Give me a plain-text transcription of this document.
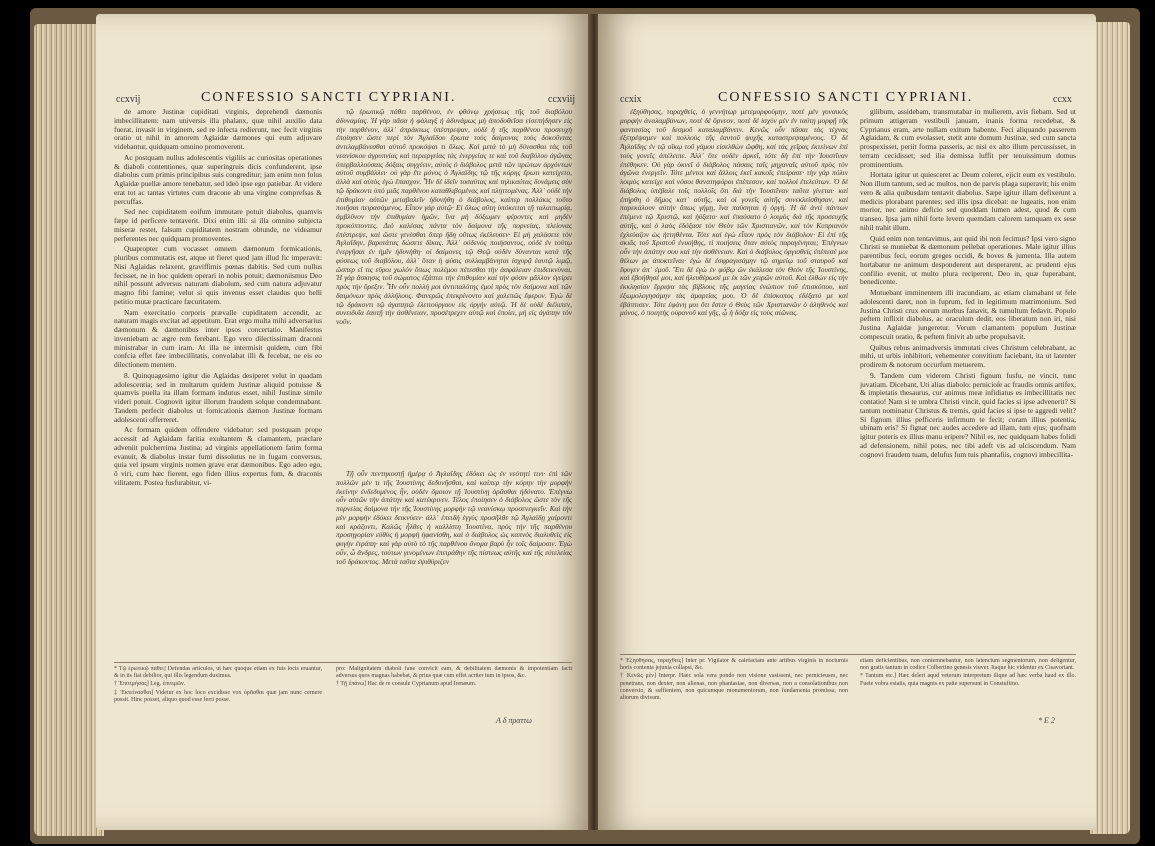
ccxvij	CONFESSIO SANCTI CYPRIANI.	ccxviij

de amore Justinæ cupiditati virginis, deprehendi dæmonis imbecillitatem: nam universis illa phalanx, quæ nihil auxilio data fuerat, invasit in virginem, sed re infecta redierunt, nec fecit virginis oratio ut nihil in amorem Aglaidæ dæmones qui eum adjuvare videbantur, quidquam omnino promoverent.

Ac postquam nullus adolescentis vigiliis ac curiositas operationes & diaboli contentiones, quæ superingruis dicis confunderent, ipse diabolus cum primis principibus suis congreditur; jam enim non folus Aglaidæ puellæ amore tenebatur, sed ideò ipse ego patiebar. At videre erat tot ac tantas virtutes cum dracone ab una virgine comprefsas & percuffas.

Sed nec cupiditatem eoifum immutare potuit diabolus, quamvis fæpe id perficere tentaverit. Dixi enim illi: si illa omnino subjecta miseræ restet, falsum cupiditatem nostram obtunde, ne videamur perferentes nec quidquam promoventes.

Quapropter cum vocasset omnem dæmonum formicationis, pluribus commutatis est, atque ut fieret quod jam illud fic imperavit: Nisi Aglaidas relaxent, graviffimis pœnas dabitis. Sed cum nullus fecisset, ne in hoc quidem operari in nobis potuit; dæmoniismus Deo nihil possunt adversus naturam diabolum, sed cum natura adjuvatur magno fibi famine; velut si quis invenus esset claudus quo belli petitio mutæ practicare fæcuritatem.

Nam exercitatio corporis prævalle cupiditatem accendit, ac naturam magis excitat ad appetitum. Erat ergo multa mihi adversarius dæmonum & dæmonibus inter ipsos concertatio. Manifestus inveniebam ac ægre rem ferebant. Ego vero dilectissimam draconi ministrabar in cum iram. At illa ne intermisit quidem, cum fibi confcia effet fæe imbecillitatis, convolabat illi & fecebat, ne eis eo dilectionem mentem.

8. Quinquagesimo igitur die Aglaidas desiperet velut in quadam adolescentia; sed in multarum quidem Justinæ aliquid potuisse & quamvis puella ita illam formam indutus esset, nihil Justinæ simile videri potuit. Cognovit igitur illorum fraudem solque condemnabant. Tandem perfecit diabolus ut fornicationis dæmon Justinæ formam adolescenti offerreret.

Ac formam quidem offendere videbatur: sed postquam prope accessit ad Aglaidam faritia exultantem & clamantem, præclare adveniit pulcherrima Justina; ad virginis appellationem fatim forma evanuit, & diabolus instar fumi dissolutus ne in fugam conversus, quia vel ipsum virginis nomen grave erat dæmonibus. Ego adeo ego, ô viri, cum hæc fierent, ego fiden illius expertus fum, & draconis vilitatem. Postea fusfurabitur, vi-

τῷ ἐρωτικῷ πάθει παρθένου, ἐν φθόνῳ χρήσεως τῆς τοῦ διαβόλου ἀδυναμίας. Ἡ γὰρ πᾶσα ἡ φάλαγξ ἡ ἀδυνάμως μὴ ἀποδοθεῖσα εἰσεπήδησεν εἰς τὴν παρθένον, ἀλλ᾽ ἀπράκτως ὑπέστρεψαν, οὐδὲ ἡ τῆς παρθένου προσευχὴ ἐποίησεν ὥστε περί τὸν Ἀγλαΐδου ἔρωτα τοὺς δαίμονας τοὺς δοκοῦντας ἀντιλαμβάνεσθαι αὐτοῦ προκόψαι τι ὅλως. Καὶ μετὰ τὸ μὴ δύνασθαι τὰς τοῦ νεανίσκου ἀγρυπνίας καὶ περιεργείας τὰς ἐνεργείας τε καὶ τοῦ διαβόλου ἀγῶνας ὑπερβαλλούσαις δόξαις συγχέειν, αὐτὸς ὁ διάβολος μετὰ τῶν πρώτων ἀρχόντων αὐτοῦ συμβάλλει· οὐ γὰρ ἔτι μόνος ὁ Ἀγλαΐδης τῷ τῆς κόρης ἔρωτι κατείχετο, ἀλλὰ καὶ αὐτὸς ἐγὼ ἔπασχον. Ἦν δὲ ἰδεῖν τοσαύτας καὶ τηλικαύτας δυνάμεις σὺν τῷ δράκοντι ὑπὸ μιᾶς παρθένου καταθλιβομένας καὶ πληττομένας. Ἀλλ᾽ οὐδὲ τὴν ἐπιθυμίαν αὐτῶν μεταβαλεῖν ἠδυνήθη ὁ διάβολος, καίπερ πολλάκις τοῦτο ποιῆσαι πειρασάμενος. Εἶπον γὰρ αὐτῷ· Εἰ ὅλως αὕτη ὑπόκειται τῇ ταλαιπωρίᾳ, ἀμβλῦνον τὴν ἐπιθυμίαν ἡμῶν, ἵνα μὴ δόξωμεν φέροντες καὶ μηδὲν προκόπτοντες. Διὸ καλέσας πάντα τὸν δαίμονα τῆς πορνείας, πλείονας ἐπέστρεψε, καὶ ὥστε γενέσθαι ὅπερ ἤδη οὕτως ἐκέλευσεν· Εἰ μὴ χαλάσετε τὸν Ἀγλαΐδην, βαρυτάτας δώσετε δίκας. Ἀλλ᾽ οὐδενὸς ποιήσαντος, οὐδὲ ἐν τούτῳ ἐνεργῆσαι ἐν ἡμῖν ἠδυνήθη· οἱ δαίμονες τῷ Θεῷ οὐδὲν δύνανται κατὰ τῆς φύσεως τοῦ διαβόλου, ἀλλ᾽ ὅταν ἡ φύσις συλλαμβάνηται ἰσχυρᾷ ἑαυτῷ λιμῷ, ὥσπερ εἴ τις εὕροι χωλὸν ὅπως πολέμου πέτεσθαι τὴν ἀσφάλειαν ἐπιδεικνύναι. Ἡ γὰρ ἄσκησις τοῦ σώματος ἐξάπτει τὴν ἐπιθυμίαν καὶ τὴν φύσιν μᾶλλον ἐγείρει πρὸς τὴν ὄρεξιν. Ἦν οὖν πολλή μοι ἀντιπαλότης ἐμοὶ πρὸς τὸν δαίμονα καὶ τῶν δαιμόνων πρὸς ἀλλήλους. Φανερῶς ἐπεκρίνοντο καὶ χαλεπῶς ἔφερον. Ἐγὼ δὲ τῷ δράκοντι τῷ ἀγαπητῷ ἐλειτούργουν εἰς ὀργὴν αὐτῷ. Ἡ δὲ οὐδὲ διέλιπεν, συνειδυῖα ἑαυτῇ τὴν ἀσθένειαν, προσέτρεχεν αὐτῷ καὶ ἐποίει, μὴ εἰς ἀγάπην τὸν νοῦν.

Τῇ οὖν πεντηκοστῇ ἡμέρᾳ ὁ Ἀγλαΐδης ἐδόκει ὡς ἐν νεότητί τινι· ἐπὶ τῶν πολλῶν μὲν τι τῆς Ἰουστίνης δεδυνῆσθαι, καὶ καίπερ τὴν κόρην τὴν μορφὴν ἐκείνην ἐνδεδυμένος ἦν, οὐδὲν ὅμοιον τῇ Ἰουστίνῃ ὁρᾶσθαι ἠδύνατο. Ἐπέγνω οὖν αὐτῶν τὴν ἀπάτην καὶ κατέκρινεν. Τέλος ἐποίησεν ὁ διάβολος ὥστε τὸν τῆς πορνείας δαίμονα τὴν τῆς Ἰουστίνης μορφὴν τῷ νεανίσκῳ προσενεγκεῖν. Καὶ τὴν μὲν μορφὴν ἐδόκει δεικνύειν· ἀλλ᾽ ἐπειδὴ ἐγγὺς προσῆλθε τῷ Ἀγλαΐδῃ χαίροντι καὶ κράζοντι, Καλῶς ἦλθες ἡ καλλίστη Ἰουστίνα, πρὸς τὴν τῆς παρθένου προσηγορίαν εὐθὺς ἡ μορφὴ ἠφανίσθη, καὶ ὁ διάβολος ὡς καπνὸς διαλυθεὶς εἰς φυγὴν ἐτράπη· καὶ γὰρ αὐτὸ τὸ τῆς παρθένου ὄνομα βαρὺ ἦν τοῖς δαίμοσιν. Ἐγὼ οὖν, ὦ ἄνδρες, τούτων γινομένων ἐπειράθην τῆς πίστεως αὐτῆς καὶ τῆς εὐτελείας τοῦ δράκοντος. Μετὰ ταῦτα ἐψιθύριζεν

* Τῷ ἐρωτικῷ πάθει] Defendas articulos, ut hæc quoque etiam ex fuis locis eruantur, & in iis fiat debilior, qui illis legendum duximus.

† Ἐπιτιμήσας] Leg. ἐπιτιμῶν.

‡ Ἐκτείνασθαι] Videtur ex hoc loco excidisse vox ὁρᾶσθαι quæ jam nunc cernere possit. Hinc posset, aliquo quod esse ferri posse.

pro: Malignitatem diaboli fane convicit eam, & debilitatem dæmonis & impotentiam facti adversus quos magnas habebat, & prius quæ cum effet acriter tum in ipsos, &c.

† Τῇ ἐπάνω] Hac de re consule Cyprianum apud Irenæum.

A δ πραττω
ccxix	CONFESSIO SANCTI CYPRIANI.	ccxx

ἐξηύθησας, ταραχθεὶς, ὁ γεννήτωρ μετεμορφούμην, ποτὲ μὲν γυναικὸς μορφὴν ἀναλαμβάνων, ποτὲ δὲ ὄρνεον, ποτὲ δὲ ἰσχὺν μὲν ἐν ταύτῃ μορφῇ τῆς φαντασίας τοῦ δεσμοῦ καταλαμβάνειν. Κενῶς οὖν πᾶσαι τὰς τέχνας ἐξετρέψαμεν καὶ πολλοὺς τῆς ἑαυτοῦ ψυχῆς καταστρεψαμένους. Ὁ δὲ Ἀγλαΐδης ἐν τῷ οἴκῳ τοῦ γάμου εἰσελθὼν ὤφθη, καὶ τὰς χεῖρας ἐκτείνων ἐπὶ τοὺς γονεῖς ἀπέλειπε. Ἀλλ᾽ ὅτε οὐδὲν ἀρκεῖ, τότε δὴ ἐπὶ τὴν Ἰουστῖναν ἐπέθηκεν. Οὐ γὰρ ὀκνεῖ ὁ διάβολος πάσαις ταῖς μηχαναῖς αὐτοῦ πρὸς τὸν ἀγῶνα ἐνεργεῖν. Τότε μέντοι καὶ ἄλλοις ἐκεῖ κακοῖς ἐπείρασε· τὴν γὰρ πόλιν λοιμὸς κατείχε καὶ νόσοι θανατηφόροι ἐπέπεσον, καὶ πολλοὶ ἐτελεύτων. Ὁ δὲ διάβολος ὑπέβαλε τοῖς πολλοῖς ὅτι διὰ τὴν Ἰουστῖναν ταῦτα γίνεται· καὶ ἐπήρθη ὁ δῆμος κατ᾽ αὐτῆς, καὶ οἱ γονεῖς αὐτῆς συνεκλείσθησαν, καὶ παρεκάλουν αὐτὴν ὅπως γήμῃ, ἵνα παύσηται ἡ ὀργή. Ἡ δὲ ἀντὶ πάντων ἐπέμενε τῷ Χριστῷ, καὶ ἠύξατο· καὶ ἐπαύσατο ὁ λοιμὸς διὰ τῆς προσευχῆς αὐτῆς, καὶ ὁ λαὸς ἐδόξασε τὸν Θεὸν τῶν Χριστιανῶν, καὶ τὸν Κυπριανὸν ἐχλεύαζον ὡς ἡττηθέντα. Τότε καὶ ἐγὼ εἶπον πρὸς τὸν διάβολον· Εἰ ἐπὶ τῆς σκιᾶς τοῦ Χριστοῦ ἐνικήθης, τί ποιήσεις ὅταν αὐτὸς παραγένηται; Ἐπέγνων οὖν τὴν ἀπάτην σου καὶ τὴν ἀσθένειαν. Καὶ ὁ διάβολος ὀργισθεὶς ἐπέπεσέ μοι θέλων με ἀποκτεῖναι· ἐγὼ δὲ ἐσφραγισάμην τῷ σημείῳ τοῦ σταυροῦ καὶ ἔφυγεν ἀπ᾽ ἐμοῦ. Ἔτι δὲ ἐγὼ ἐν φόβῳ ὢν ἐκάλεσα τὸν Θεὸν τῆς Ἰουστίνης, καὶ ἐβοήθησέ μοι, καὶ ἠλευθέρωσέ με ἐκ τῶν χειρῶν αὐτοῦ. Καὶ ἐλθὼν εἰς τὴν ἐκκλησίαν ἔρριψα τὰς βίβλους τῆς μαγείας ἐνώπιον τοῦ ἐπισκόπου, καὶ ἐξωμολογησάμην τὰς ἁμαρτίας μου. Ὁ δὲ ἐπίσκοπος ἐδέξατό με καὶ ἐβάπτισεν. Τότε ἐφάνη μοι ὅτι ἔστιν ὁ Θεὸς τῶν Χριστιανῶν ὁ ἀληθινὸς καὶ μόνος, ὁ ποιητὴς οὐρανοῦ καὶ γῆς, ᾧ ἡ δόξα εἰς τοὺς αἰῶνας.

gilibum, assidebam, transmutabar in mulierem, avis fiebam. Sed ut primum attigeram vestibuli januam, inanis forma recedebat, & Cyprianus eram, arte nullam exitum habente. Feci aliquando passerem Aglaidam, & cum evolasset, stetit ante domum Justinæ, sed cum sancta prospexisset, periit forma passeris, ac nisi ex alto illum percussisset, in terram cecidisset; sed ilia demissa luffit per tenuissimum domus prominentium.

Hortata igitur ut quiesceret ac Deum coleret, ejicit eum ex vestibulo. Non illum tantum, sed ac multos, non de parvis plaga superavit; his enim vero & alia quibusdam tentavit diabolus. Sæpe igitur illam defixerunt a medicis plorabant parentes; sed illis ipsa dicebat: ne lugeatis, non enim morior, nec animo deficio sed quoddam lumen adest, quod & cum transeo. Ipsa jam nihil forte levem quemdam calorem tamquam ex sese nihil trahit illum.

Quid enim non tentavimus, aut quid ibi non fecimus? Ipsi vero signo Christi se muniebat & dæmonum pellebat operationes. Male igitur illius parentibus feci, eorum greges occidi, & boves & jumenta. Illa autem hortabatur ne animum desponderent aut desperarent, ac prudenti ejus confilio evenit, ut multo plura reciperent, Deo in, quæ fuperabant, benedicente.

Motuebant imminentem illi iracundiam, ac etiam clamabant ut fele adolescenti daret, non in fuprum, fed in legitimum matrimonium. Sed Justina Christi crux eorum morbus fanavit, & tumultum fedavit. Populo peftem inflixit diabolus, ac oraculum dedit, eos liberatum non iri, nisi Justina Aglaidæ jungeretur. Verum clamantem populum Justinæ compescuit oratio, & peftem finivit ab urbe propulsavit.

Quibus rebus animadversis immutati cives Christum celebrabant, ac mihi, ut urbis inhibitori, vehementer convitium faciebant, ita ut latenter prodirem & notorum occurfum metuerem.

9. Tandem cum viderem Christi fignum fusfu, ne vincit, tunc juvatiam. Dicebant, Uti alias diabolo: pernicioſe ac fraudis omnis artifex, & impietatis thesaurus, cur animus meæ infidiatus es imbecillitatis nec contatio! Nam si te umbra Christi vincit, quid facies si ipse advenerit? Si tantum nominatur Christus & tremis, quid facies si ipse te aggredi velit? Si fignum illius pefficeris infirmum te fecit; coram illius potentia, ubinam eris? Si fignat nec audes accedere ad illam, tum ejus; quofnam igitur poteris ex illius manu eripere? Nihil es, nec quidquam habes folidi ad defensionem, nihil potes, nec tibi adeft vis ad ulciscendum. Nam cognovi fraudem tuam, delufus fum tuis phantafiis, cognovi imbecillita-

* Ἐξηύθησας, ταραχθεὶς] Inter pr. Vigilator & calefactam ante artibus virginis in nocturnis horis contenta jejunia collapsi, &c.

† Κενῶς μὲν] Interpr. Haec sola vera pondo non visione vasissent, nec pernicieuses, nec penetrans, non dexter, non alienas, non phantasiae, non diversas, non a consolationibus non conversio, & suffientem, non quicumque monumentorum, non fundamenta promissa, non aliorum divisum.

etiam deficientibus, non contemnebantur, non latencium segmentorum, non deligentur, non gratis tantum in codice Colbertino genesis viuver. Itaque hic videntur ex Cisavortant.

* Tantum etc.] Hæc deleri aqud veterum interpretum ilique ad hæc verba haud ex illo. Fuete vobra estatis, quia magnis ex patte supersunt in Constuftino.

* E 2
